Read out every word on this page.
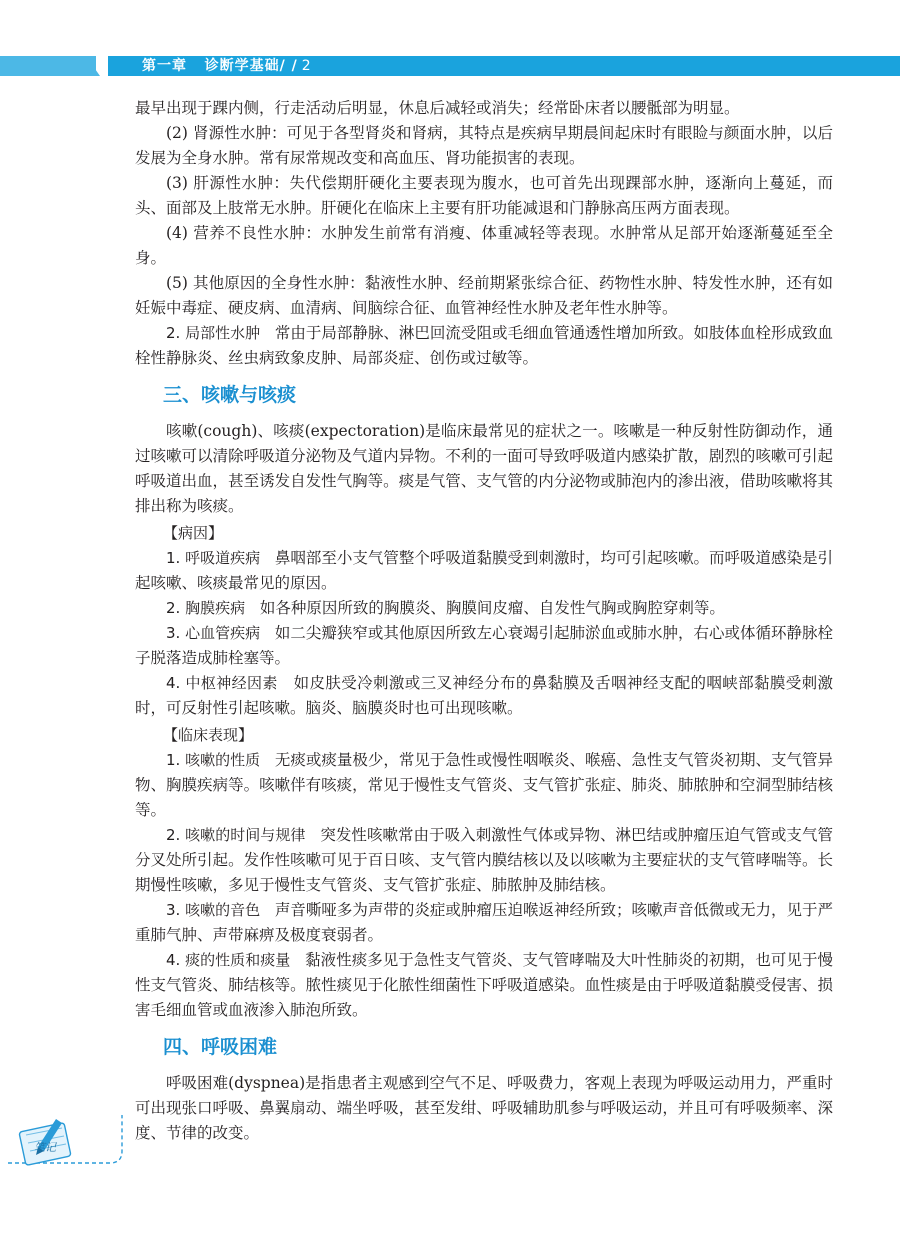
第一章 诊断学基础/ / 2

最早出现于踝内侧，行走活动后明显，休息后减轻或消失；经常卧床者以腰骶部为明显。

(2) 肾源性水肿：可见于各型肾炎和肾病，其特点是疾病早期晨间起床时有眼睑与颜面水肿，以后发展为全身水肿。常有尿常规改变和高血压、肾功能损害的表现。

(3) 肝源性水肿：失代偿期肝硬化主要表现为腹水，也可首先出现踝部水肿，逐渐向上蔓延，而头、面部及上肢常无水肿。肝硬化在临床上主要有肝功能减退和门静脉高压两方面表现。

(4) 营养不良性水肿：水肿发生前常有消瘦、体重减轻等表现。水肿常从足部开始逐渐蔓延至全身。

(5) 其他原因的全身性水肿：黏液性水肿、经前期紧张综合征、药物性水肿、特发性水肿，还有如妊娠中毒症、硬皮病、血清病、间脑综合征、血管神经性水肿及老年性水肿等。

2. 局部性水肿 常由于局部静脉、淋巴回流受阻或毛细血管通透性增加所致。如肢体血栓形成致血栓性静脉炎、丝虫病致象皮肿、局部炎症、创伤或过敏等。

三、咳嗽与咳痰

咳嗽(cough)、咳痰(expectoration)是临床最常见的症状之一。咳嗽是一种反射性防御动作，通过咳嗽可以清除呼吸道分泌物及气道内异物。不利的一面可导致呼吸道内感染扩散，剧烈的咳嗽可引起呼吸道出血，甚至诱发自发性气胸等。痰是气管、支气管的内分泌物或肺泡内的渗出液，借助咳嗽将其排出称为咳痰。

【病因】

1. 呼吸道疾病 鼻咽部至小支气管整个呼吸道黏膜受到刺激时，均可引起咳嗽。而呼吸道感染是引起咳嗽、咳痰最常见的原因。

2. 胸膜疾病 如各种原因所致的胸膜炎、胸膜间皮瘤、自发性气胸或胸腔穿刺等。

3. 心血管疾病 如二尖瓣狭窄或其他原因所致左心衰竭引起肺淤血或肺水肿，右心或体循环静脉栓子脱落造成肺栓塞等。

4. 中枢神经因素 如皮肤受冷刺激或三叉神经分布的鼻黏膜及舌咽神经支配的咽峡部黏膜受刺激时，可反射性引起咳嗽。脑炎、脑膜炎时也可出现咳嗽。

【临床表现】

1. 咳嗽的性质 无痰或痰量极少，常见于急性或慢性咽喉炎、喉癌、急性支气管炎初期、支气管异物、胸膜疾病等。咳嗽伴有咳痰，常见于慢性支气管炎、支气管扩张症、肺炎、肺脓肿和空洞型肺结核等。

2. 咳嗽的时间与规律 突发性咳嗽常由于吸入刺激性气体或异物、淋巴结或肿瘤压迫气管或支气管分叉处所引起。发作性咳嗽可见于百日咳、支气管内膜结核以及以咳嗽为主要症状的支气管哮喘等。长期慢性咳嗽，多见于慢性支气管炎、支气管扩张症、肺脓肿及肺结核。

3. 咳嗽的音色 声音嘶哑多为声带的炎症或肿瘤压迫喉返神经所致；咳嗽声音低微或无力，见于严重肺气肿、声带麻痹及极度衰弱者。

4. 痰的性质和痰量 黏液性痰多见于急性支气管炎、支气管哮喘及大叶性肺炎的初期，也可见于慢性支气管炎、肺结核等。脓性痰见于化脓性细菌性下呼吸道感染。血性痰是由于呼吸道黏膜受侵害、损害毛细血管或血液渗入肺泡所致。

四、呼吸困难

呼吸困难(dyspnea)是指患者主观感到空气不足、呼吸费力，客观上表现为呼吸运动用力，严重时可出现张口呼吸、鼻翼扇动、端坐呼吸，甚至发绀、呼吸辅助肌参与呼吸运动，并且可有呼吸频率、深度、节律的改变。

笔记
